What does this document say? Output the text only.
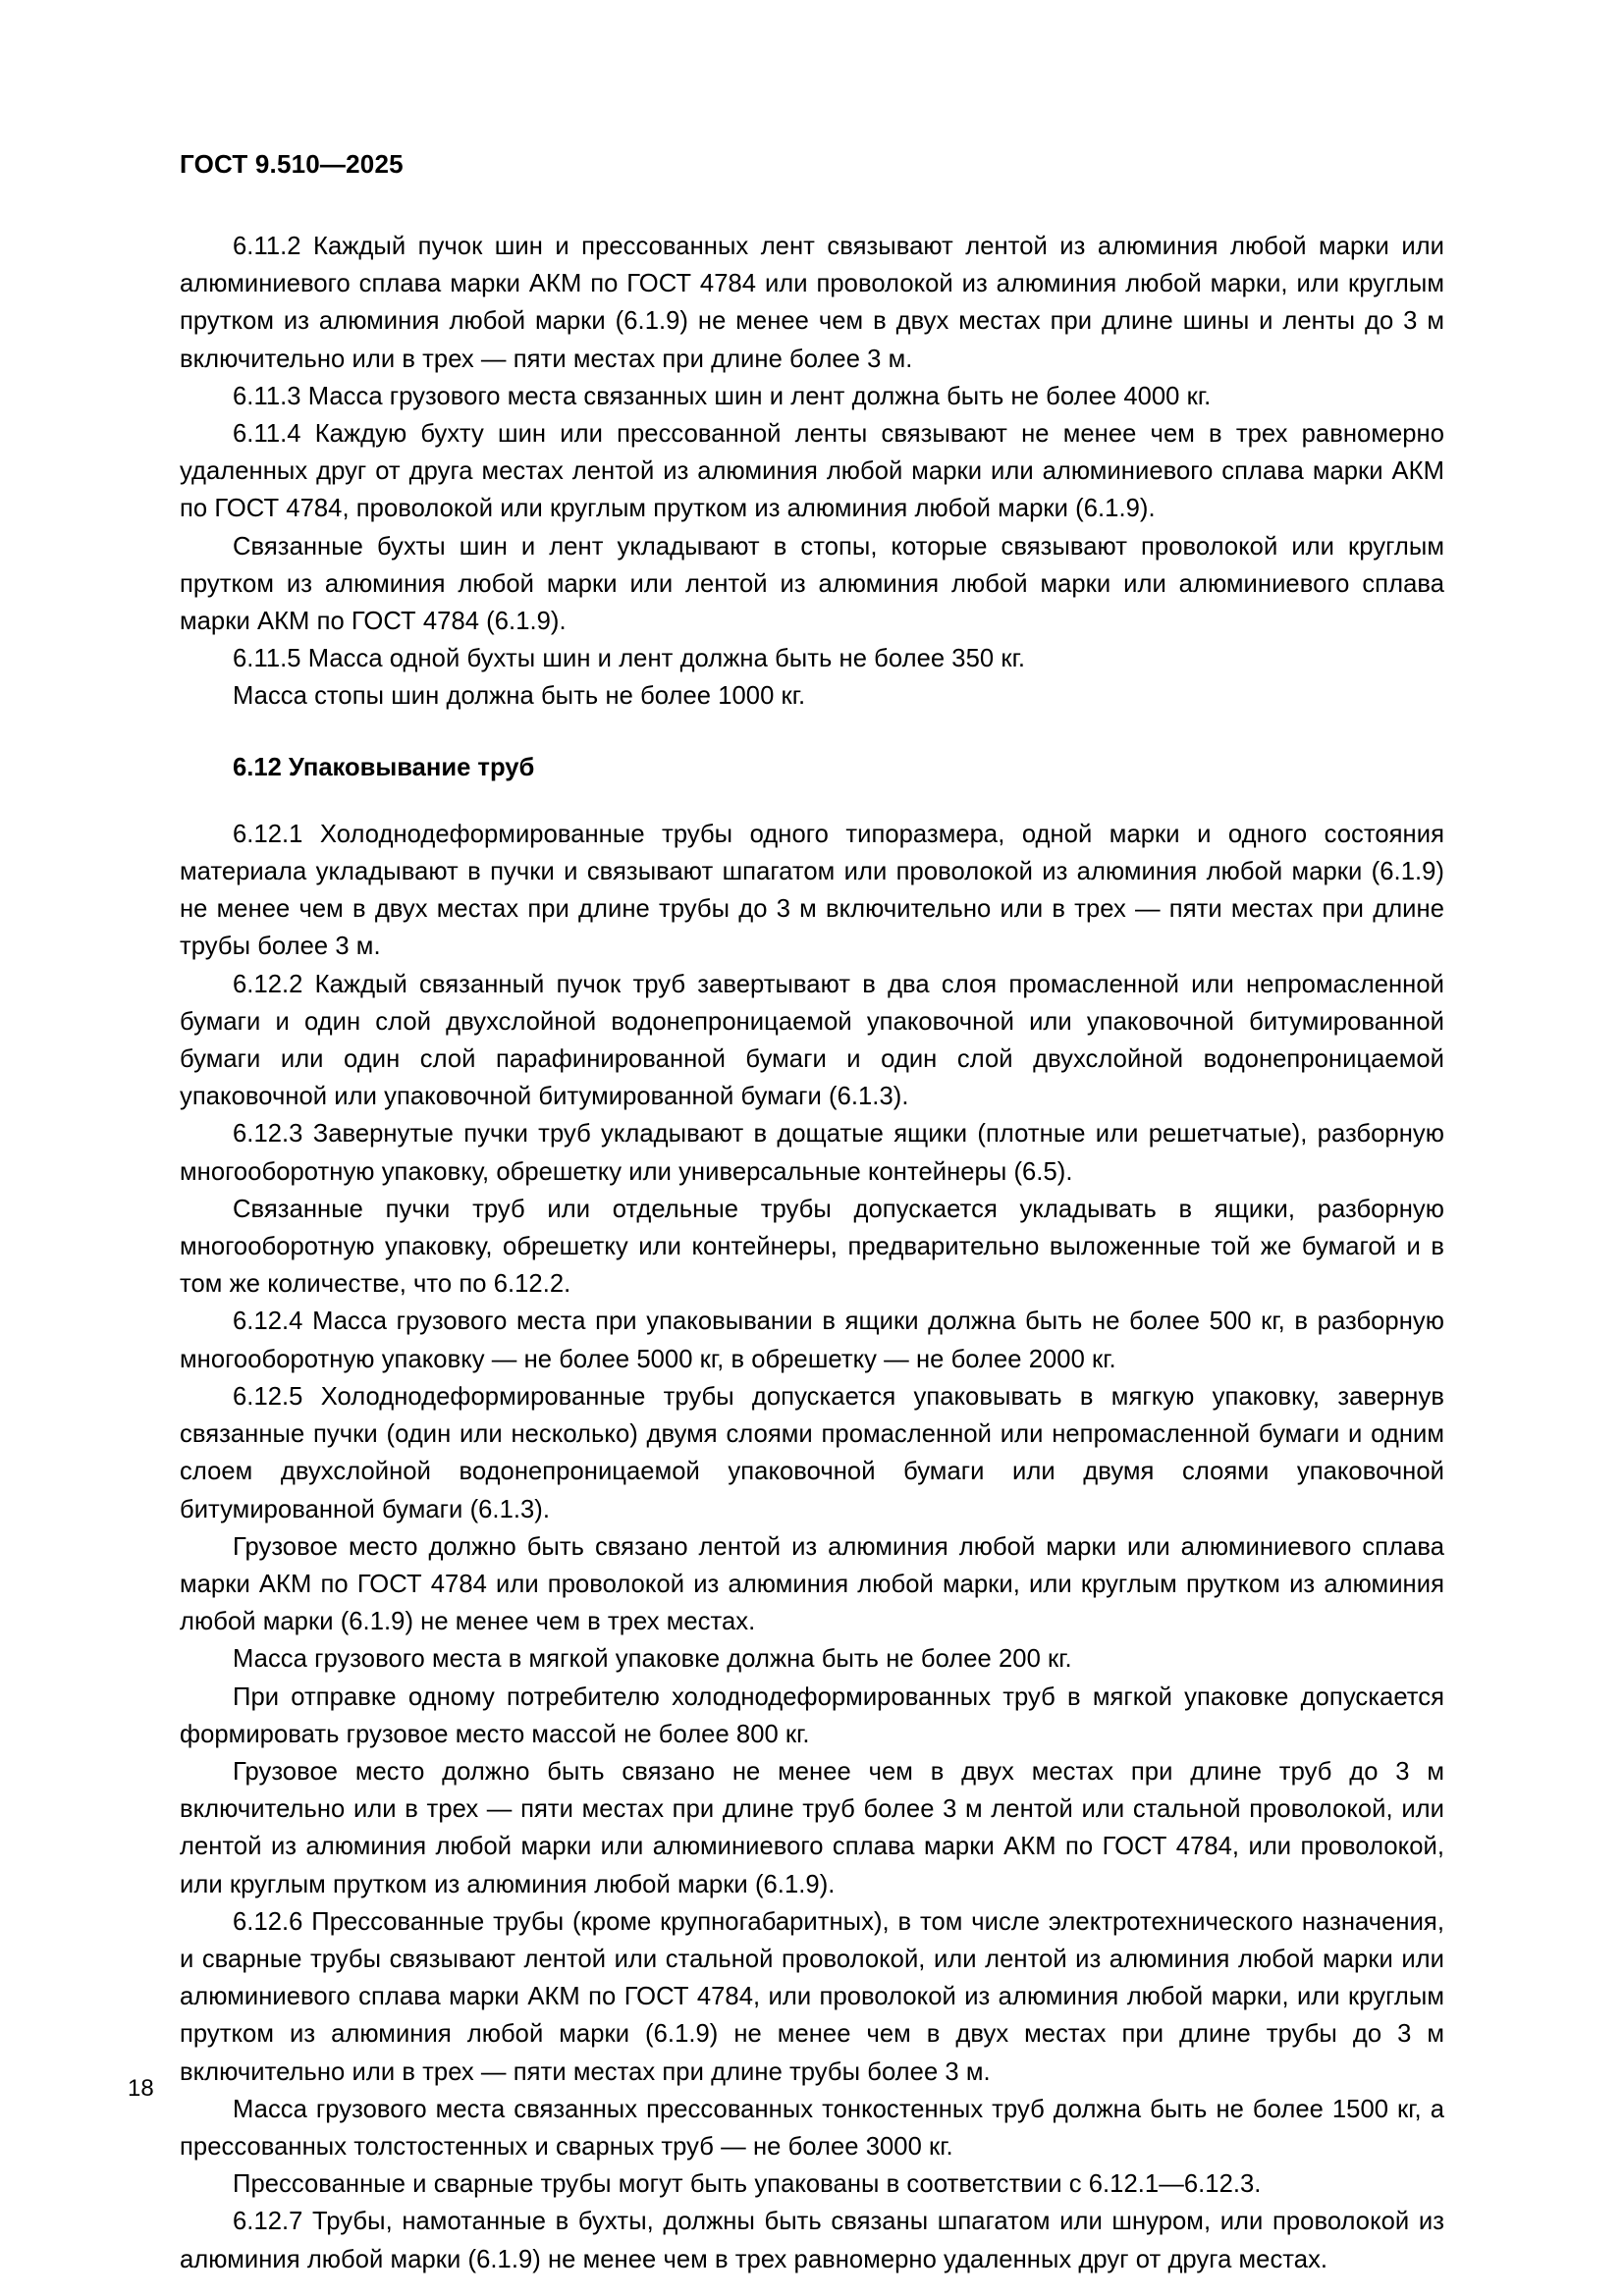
ГОСТ 9.510—2025

6.11.2 Каждый пучок шин и прессованных лент связывают лентой из алюминия любой марки или алюминиевого сплава марки АКМ по ГОСТ 4784 или проволокой из алюминия любой марки, или круглым прутком из алюминия любой марки (6.1.9) не менее чем в двух местах при длине шины и ленты до 3 м включительно или в трех — пяти местах при длине более 3 м.

6.11.3 Масса грузового места связанных шин и лент должна быть не более 4000 кг.

6.11.4 Каждую бухту шин или прессованной ленты связывают не менее чем в трех равномерно удаленных друг от друга местах лентой из алюминия любой марки или алюминиевого сплава марки АКМ по ГОСТ 4784, проволокой или круглым прутком из алюминия любой марки (6.1.9).

Связанные бухты шин и лент укладывают в стопы, которые связывают проволокой или круглым прутком из алюминия любой марки или лентой из алюминия любой марки или алюминиевого сплава марки АКМ по ГОСТ 4784 (6.1.9).

6.11.5 Масса одной бухты шин и лент должна быть не более 350 кг.

Масса стопы шин должна быть не более 1000 кг.

6.12 Упаковывание труб

6.12.1 Холоднодеформированные трубы одного типоразмера, одной марки и одного состояния материала укладывают в пучки и связывают шпагатом или проволокой из алюминия любой марки (6.1.9) не менее чем в двух местах при длине трубы до 3 м включительно или в трех — пяти местах при длине трубы более 3 м.

6.12.2 Каждый связанный пучок труб завертывают в два слоя промасленной или непромасленной бумаги и один слой двухслойной водонепроницаемой упаковочной или упаковочной битумированной бумаги или один слой парафинированной бумаги и один слой двухслойной водонепроницаемой упаковочной или упаковочной битумированной бумаги (6.1.3).

6.12.3 Завернутые пучки труб укладывают в дощатые ящики (плотные или решетчатые), разборную многооборотную упаковку, обрешетку или универсальные контейнеры (6.5).

Связанные пучки труб или отдельные трубы допускается укладывать в ящики, разборную многооборотную упаковку, обрешетку или контейнеры, предварительно выложенные той же бумагой и в том же количестве, что по 6.12.2.

6.12.4 Масса грузового места при упаковывании в ящики должна быть не более 500 кг, в разборную многооборотную упаковку — не более 5000 кг, в обрешетку — не более 2000 кг.

6.12.5 Холоднодеформированные трубы допускается упаковывать в мягкую упаковку, завернув связанные пучки (один или несколько) двумя слоями промасленной или непромасленной бумаги и одним слоем двухслойной водонепроницаемой упаковочной бумаги или двумя слоями упаковочной битумированной бумаги (6.1.3).

Грузовое место должно быть связано лентой из алюминия любой марки или алюминиевого сплава марки АКМ по ГОСТ 4784 или проволокой из алюминия любой марки, или круглым прутком из алюминия любой марки (6.1.9) не менее чем в трех местах.

Масса грузового места в мягкой упаковке должна быть не более 200 кг.

При отправке одному потребителю холоднодеформированных труб в мягкой упаковке допускается формировать грузовое место массой не более 800 кг.

Грузовое место должно быть связано не менее чем в двух местах при длине труб до 3 м включительно или в трех — пяти местах при длине труб более 3 м лентой или стальной проволокой, или лентой из алюминия любой марки или алюминиевого сплава марки АКМ по ГОСТ 4784, или проволокой, или круглым прутком из алюминия любой марки (6.1.9).

6.12.6 Прессованные трубы (кроме крупногабаритных), в том числе электротехнического назначения, и сварные трубы связывают лентой или стальной проволокой, или лентой из алюминия любой марки или алюминиевого сплава марки АКМ по ГОСТ 4784, или проволокой из алюминия любой марки, или круглым прутком из алюминия любой марки (6.1.9) не менее чем в двух местах при длине трубы до 3 м включительно или в трех — пяти местах при длине трубы более 3 м.

Масса грузового места связанных прессованных тонкостенных труб должна быть не более 1500 кг, а прессованных толстостенных и сварных труб — не более 3000 кг.

Прессованные и сварные трубы могут быть упакованы в соответствии с 6.12.1—6.12.3.

6.12.7 Трубы, намотанные в бухты, должны быть связаны шпагатом или шнуром, или проволокой из алюминия любой марки (6.1.9) не менее чем в трех равномерно удаленных друг от друга местах.

18
